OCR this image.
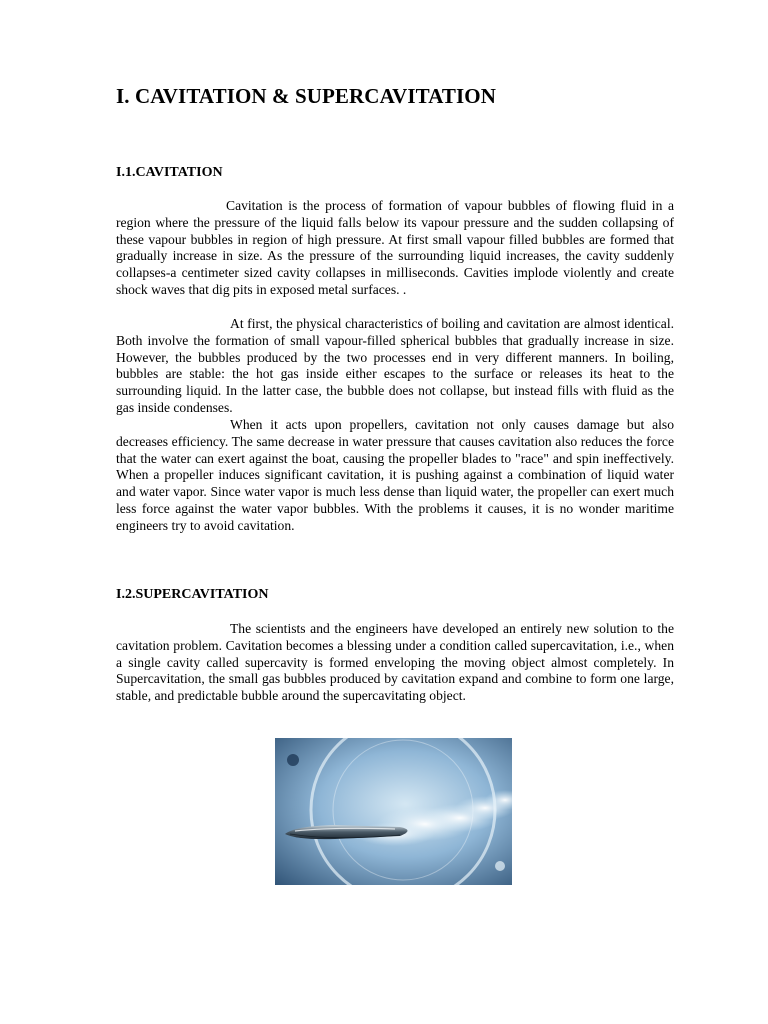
I. CAVITATION & SUPERCAVITATION
I.1.CAVITATION

Cavitation is the process of formation of vapour bubbles of flowing fluid in a region where the pressure of the liquid falls below its vapour pressure and the sudden collapsing of these vapour bubbles in region of high pressure. At first small vapour filled bubbles are formed that gradually increase in size. As the pressure of the surrounding liquid increases, the cavity suddenly collapses-a centimeter sized cavity collapses in milliseconds. Cavities implode violently and create shock waves that dig pits in exposed metal surfaces. .

At first, the physical characteristics of boiling and cavitation are almost identical. Both involve the formation of small vapour-filled spherical bubbles that gradually increase in size. However, the bubbles produced by the two processes end in very different manners. In boiling, bubbles are stable: the hot gas inside either escapes to the surface or releases its heat to the surrounding liquid. In the latter case, the bubble does not collapse, but instead fills with fluid as the gas inside condenses.

When it acts upon propellers, cavitation not only causes damage but also decreases efficiency. The same decrease in water pressure that causes cavitation also reduces the force that the water can exert against the boat, causing the propeller blades to "race" and spin ineffectively. When a propeller induces significant cavitation, it is pushing against a combination of liquid water and water vapor. Since water vapor is much less dense than liquid water, the propeller can exert much less force against the water vapor bubbles. With the problems it causes, it is no wonder maritime engineers try to avoid cavitation.

I.2.SUPERCAVITATION

The scientists and the engineers have developed an entirely new solution to the cavitation problem. Cavitation becomes a blessing under a condition called supercavitation, i.e., when a single cavity called supercavity is formed enveloping the moving object almost completely. In Supercavitation, the small gas bubbles produced by cavitation expand and combine to form one large, stable, and predictable bubble around the supercavitating object.
